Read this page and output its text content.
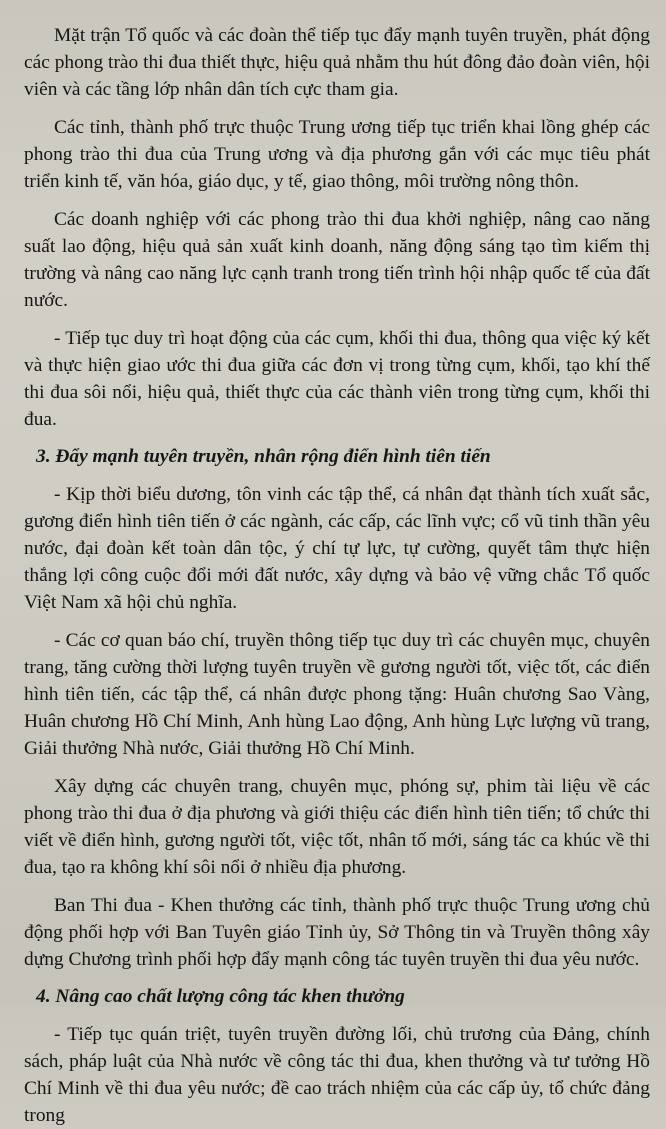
Mặt trận Tổ quốc và các đoàn thể tiếp tục đẩy mạnh tuyên truyền, phát động các phong trào thi đua thiết thực, hiệu quả nhằm thu hút đông đảo đoàn viên, hội viên và các tầng lớp nhân dân tích cực tham gia.

Các tỉnh, thành phố trực thuộc Trung ương tiếp tục triển khai lồng ghép các phong trào thi đua của Trung ương và địa phương gắn với các mục tiêu phát triển kinh tế, văn hóa, giáo dục, y tế, giao thông, môi trường nông thôn.

Các doanh nghiệp với các phong trào thi đua khởi nghiệp, nâng cao năng suất lao động, hiệu quả sản xuất kinh doanh, năng động sáng tạo tìm kiếm thị trường và nâng cao năng lực cạnh tranh trong tiến trình hội nhập quốc tế của đất nước.

- Tiếp tục duy trì hoạt động của các cụm, khối thi đua, thông qua việc ký kết và thực hiện giao ước thi đua giữa các đơn vị trong từng cụm, khối, tạo khí thế thi đua sôi nổi, hiệu quả, thiết thực của các thành viên trong từng cụm, khối thi đua.

3. Đẩy mạnh tuyên truyền, nhân rộng điển hình tiên tiến

- Kịp thời biểu dương, tôn vinh các tập thể, cá nhân đạt thành tích xuất sắc, gương điển hình tiên tiến ở các ngành, các cấp, các lĩnh vực; cổ vũ tinh thần yêu nước, đại đoàn kết toàn dân tộc, ý chí tự lực, tự cường, quyết tâm thực hiện thắng lợi công cuộc đổi mới đất nước, xây dựng và bảo vệ vững chắc Tổ quốc Việt Nam xã hội chủ nghĩa.

- Các cơ quan báo chí, truyền thông tiếp tục duy trì các chuyên mục, chuyên trang, tăng cường thời lượng tuyên truyền về gương người tốt, việc tốt, các điển hình tiên tiến, các tập thể, cá nhân được phong tặng: Huân chương Sao Vàng, Huân chương Hồ Chí Minh, Anh hùng Lao động, Anh hùng Lực lượng vũ trang, Giải thưởng Nhà nước, Giải thưởng Hồ Chí Minh.

Xây dựng các chuyên trang, chuyên mục, phóng sự, phim tài liệu về các phong trào thi đua ở địa phương và giới thiệu các điển hình tiên tiến; tổ chức thi viết về điển hình, gương người tốt, việc tốt, nhân tố mới, sáng tác ca khúc về thi đua, tạo ra không khí sôi nổi ở nhiều địa phương.

Ban Thi đua - Khen thưởng các tỉnh, thành phố trực thuộc Trung ương chủ động phối hợp với Ban Tuyên giáo Tỉnh ủy, Sở Thông tin và Truyền thông xây dựng Chương trình phối hợp đẩy mạnh công tác tuyên truyền thi đua yêu nước.

4. Nâng cao chất lượng công tác khen thưởng

- Tiếp tục quán triệt, tuyên truyền đường lối, chủ trương của Đảng, chính sách, pháp luật của Nhà nước về công tác thi đua, khen thưởng và tư tưởng Hồ Chí Minh về thi đua yêu nước; đề cao trách nhiệm của các cấp ủy, tổ chức đảng trong
